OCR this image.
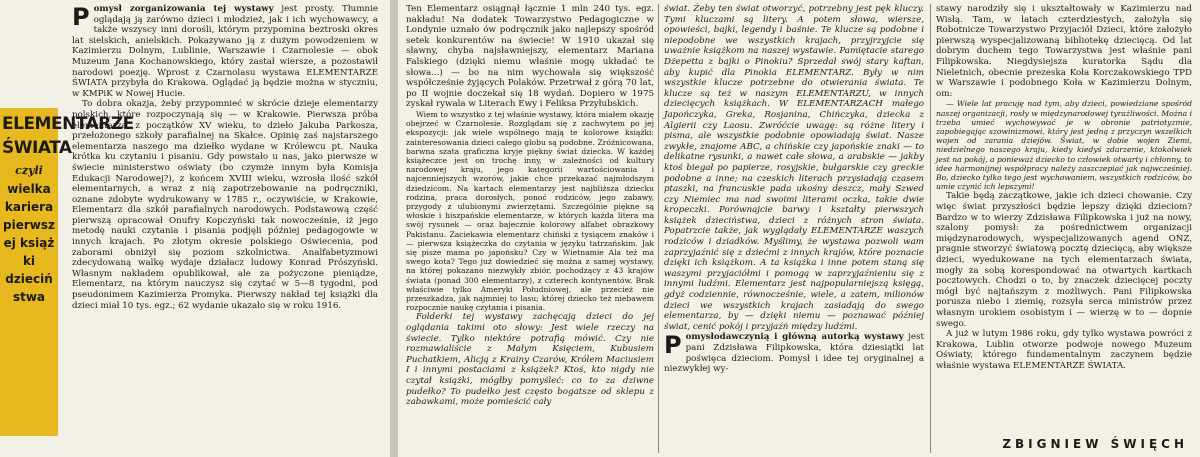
ELEMENTARZE
ŚWIATA
czyli
wielka
kariera
pierwszej książki
dzieciństwa

Pomysł zorganizowania tej wystawy jest prosty. Tłumnie oglądają ją zarówno dzieci i młodzież, jak i ich wychowawcy, a także wszyscy inni dorośli, którym przypomina beztroski okres lat sielskich, anielskich. Pokazywano ją z dużym powodzeniem w Kazimierzu Dolnym, Lublinie, Warszawie i Czarnolesie — obok Muzeum Jana Kochanowskiego, który zastał wiersze, a pozostawił narodowi poezję. Wprost z Czarnolasu wystawa ELEMENTARZE ŚWIATA przybyła do Krakowa. Oglądać ją będzie można w styczniu, w KMPiK w Nowej Hucie.

To dobra okazja, żeby przypomnieć w skrócie dzieje elementarzy polskich, które rozpoczynają się — w Krakowie. Pierwsza próba elementarza, z początków XV wieku, to dzieło Jakuba Parkosza, przełożonego szkoły parafialnej na Skałce. Opinię zaś najstarszego elementarza naszego ma dziełko wydane w Królewcu pt. Nauka krótka ku czytaniu i pisaniu. Gdy powstało u nas, jako pierwsze w świecie ministerstwo oświaty (bo czymże innym była Komisja Edukacji Narodowej?), z końcem XVIII wieku, wzrosła ilość szkół elementarnych, a wraz z nią zapotrzebowanie na podręczniki, oznane zdobyte wydrukowany w 1785 r., oczywiście, w Krakowie, Elementarz dla szkół parafialnych narodowych. Podstawową część pierwszą opracował Onufry Kopczyński tak nowocześnie, iż jego metodę nauki czytania i pisania podjęli później pedagogowie w innych krajach. Po złotym okresie polskiego Oświecenia, pod zaborami obniżył się poziom szkolnictwa. Analfabetyzmowi zdecydowaną walkę wydaje działacz ludowy Konrad Prószyński. Własnym nakładem opublikował, ale za pożyczone pieniądze, Elementarz, na którym nauczysz się czytać w 5—8 tygodni, pod pseudonimem Kazimierza Promyka. Pierwszy nakład tej książki dla dzieci miał 10 tys. egz.; 62 wydanie ukazało się w roku 1916.

Ten Elementarz osiągnął łącznie 1 mln 240 tys. egz. nakładu! Na dodatek Towarzystwo Pedagogiczne w Londynie uznało ów podręcznik jako najlepszy spośród setek konkurentów na świecie! W 1910 ukazał się sławny, chyba najsławniejszy, elementarz Mariana Falskiego (dzięki niemu właśnie mogę układać te słowa...) — bo na nim wychowała się większość współcześnie żyjących Polaków. Przetrwał z górą 70 lat, po II wojnie doczekał się 18 wydań. Dopiero w 1975 zyskał rywala w Literach Ewy i Feliksa Przyłubskich.

Wiem to wszystko z tej właśnie wystawy, która miałem okazję obejrzeć w Czarnolesie. Rozglądam się z zachwytem po jej ekspozycji: jak wiele wspólnego mają te kolorowe książki: zainteresowania dzieci całego globu są podobne. Zróżnicowana, barwna szata graficzna kryje piękny świat dziecka. W każdej książeczce jest on trochę inny, w zależności od kultury narodowej kraju, jego kategorii wartościowania i najcenniejszych wzorów, jakie chce przekazać najmłodszym dziedzicom. Na kartach elementarzy jest najbliższa dziecku rodzina, praca dorosłych, ponoć rodziców, jego zabawy, przygody z ulubionymi zwierzętami. Szczególnie piękne są włoskie i hiszpańskie elementarze, w których każda litera ma swój rysunek — oraz bajecznie kolorowy alfabet obrazkowy Pakistanu. Zaciekawia elementarz chiński z tysiącem znaków i — pierwsza książeczka do czytania w języku tatrzańskim. Jak się pisze mama po japońsku? Czy w Wietnamie Ala też ma swego kota? Tego już dowiedzieć się można z samej wystawy, na której pokazano niezwykły zbiór, pochodzący z 43 krajów świata (ponad 300 elementarzy), z czterech kontynentów. Brak właściwie tylko Ameryki Południowej, ale przecież nie przeszkadza, jak najmniej to lasu; której dziecko też niebawem rozpocznie naukę czytania i pisania.

Folderki tej wystawy zachęcają dzieci do jej oglądania takimi oto słowy: Jest wiele rzeczy na świecie. Tylko niektóre potrafią mówić. Czy nie rozmawialiście z Małym Księciem, Kubusiem Puchatkiem, Alicją z Krainy Czarów, Królem Maciusiem I i innymi postaciami z książek? Ktoś, kto nigdy nie czytał książki, mógłby pomyśleć: co to za dziwne pudełko? To pudełko jest często bogatsze od sklepu z zabawkami, może pomieścić cały

świat. Żeby ten świat otworzyć, potrzebny jest pęk kluczy. Tymi kluczami są litery. A potem słowa, wiersze, opowieści, bajki, legendy i baśnie. Te klucze są podobne i niepodobne we wszystkich krajach, przyjrzyjcie się uważnie książkom na naszej wystawie. Pamiętacie starego Dżepetta z bajki o Pinokiu? Sprzedał swój stary kaftan, aby kupić dla Pinokia ELEMENTARZ. Były w nim wszystkie klucze potrzebne do otwierania świata. Te klucze są też w naszym ELEMENTARZU, w innych dziecięcych książkach. W ELEMENTARZACH małego Japończyka, Greka, Rosjanina, Chińczyka, dziecka z Algierii czy Laosu. Zwróćcie uwagę: są różne litery i pisma, ale wszystkie podobnie opowiadają świat. Nasze zwykłe, znajome ABC, a chińskie czy japońskie znaki — to delikatne rysunki, a nawet całe słowa, a arabskie — jakby ktoś biegał po papierze, rosyjskie, bułgarskie czy greckie podobne a inne; na czeskich literach przysiadają czasem ptaszki, na francuskie pada ukośny deszcz, mały Szwed czy Niemiec ma nad swoimi literami oczka, takie dwie kropeczki. Porównajcie barwy i kształty pierwszych książek dzieciństwa, dzieci z różnych stron świata. Popatrzcie także, jak wyglądały ELEMENTARZE waszych rodziców i dziadków. Myślimy, że wystawa pozwoli wam zaprzyjaźnić się z dziećmi z innych krajów, które poznacie dzięki ich książkom. A ta książka i inne potem staną się waszymi przyjaciółmi i pomogą w zaprzyjaźnieniu się z innymi ludźmi. Elementarz jest najpopularniejszą księgą, gdyż codziennie, równocześnie, wiele, a zatem, milionów dzieci we wszystkich krajach zasiadają do swego elementarza, by — dzięki niemu — poznawać później świat, cenić pokój i przyjaźń między ludźmi.

Pomysłodawczynią i główną autorką wystawy jest pani Zdzisława Filipkowska, która dziesiątki lat poświęca dzieciom. Pomysł i idee tej oryginalnej a niezwykłej wy-

stawy narodziły się i ukształtowały w Kazimierzu nad Wisłą. Tam, w latach czterdziestych, założyła się Robotnicze Towarzystwo Przyjaciół Dzieci, które założyło pierwszą wyspecjalizowaną bibliotekę dziecięcą. Od lat dobrym duchem tego Towarzystwa jest właśnie pani Filipkowska. Niegdysiejsza kuratorka Sądu dla Nieletnich, obecnie prezeska Koła Korczakowskiego TPD w Warszawie i podobnego Koła w Kazimierzu Dolnym, om:

— Wiele lat pracuję nad tym, aby dzieci, powiedziane spośród naszej organizacji, rosły w międzynarodowej tyrażliwości. Można i trzeba umieć wychowywać je w obronie patriotyzmie, zapobiegając szowinizmowi, który jest jedną z przyczyn wszelkich wojen od zarania dziejów. Świat, w dobie wojen Ziemi, niedzielnego naszego kraju, kiedy kiedyś zdarzenie, ktokolwiek jest na pokój, a ponieważ dziecko to człowiek otwarty i chłonny, to idee harmonijnej współpracy należy zaszczepiać jak najwcześniej. Bo, dziecko tylko tego jest wychowaniem, wszystkich rodziców, bo umie czynić ich lepszymi!

Takie będą zaczątkowe, jakie ich dzieci chowanie. Czy więc świat przyszłości będzie lepszy dzięki dzieciom? Bardzo w to wierzy Zdzisława Filipkowska i już na nowy, szalony pomysł: za pośrednictwem organizacji międzynarodowych, wyspecjalizowanych agend ONZ, pragnie stworzyć światową pocztę dziecięcą, aby większe dzieci, wyedukowane na tych elementarzach świata, mogły za sobą korespondować na otwartych kartkach pocztowych. Chodzi o to, by znaczek dziecięcej poczty mógł być najtańszym z możliwych. Pani Filipkowska porusza niebo i ziemię, rozsyła serca ministrów przez własnym urokiem osobistym i — wierzę w to — dopnie swego.

A już w lutym 1986 roku, gdy tylko wystawa powróci z Krakowa, Lublin otworze podwoje nowego Muzeum Oświaty, którego fundamentalnym zaczynem będzie właśnie wystawa ELEMENTARZE ŚWIATA.

ZBIGNIEW ŚWIĘCH
